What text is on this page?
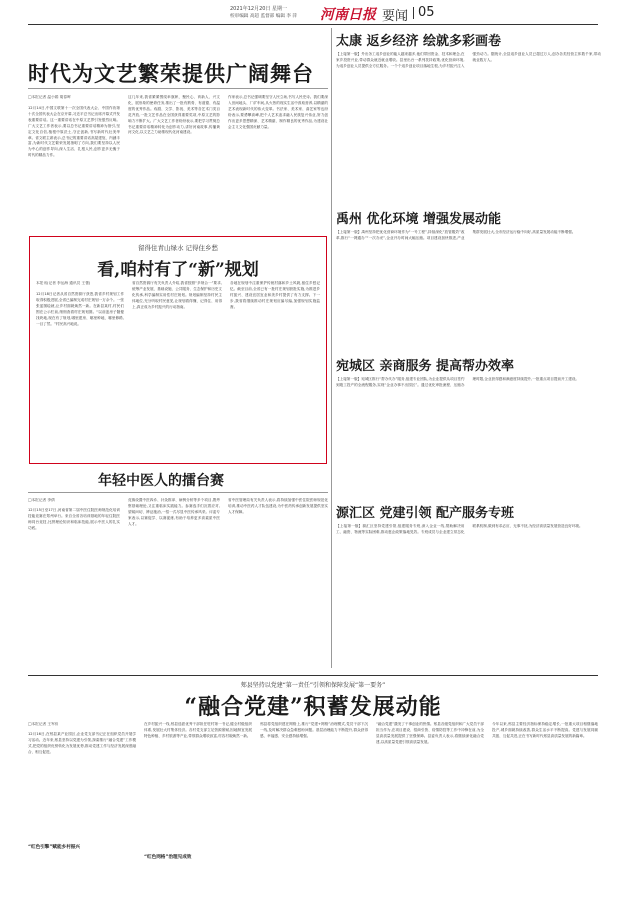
2021年12月20日 星期一
校审编辑 高超 监督部 编辑 李 萍 河南日报 要闻 05
时代为文艺繁荣提供广阔舞台
□本报记者 温小娟 胡春晖
12月14日,中国文联第十一次全国代表大会、中国作协第十次全国代表大会在京开幕,习近平总书记出席开幕式并发表重要讲话。这一重要讲话在中原文艺界引发强烈反响。广大文艺工作者表示,要以总书记重要讲话精神为指引,坚定文化自信,植根中原沃土,守正创新,书写新时代壮美华章。省文联主席表示,总书记的重要讲话高屋建瓴、内涵丰富,为新时代文艺繁荣发展指明了方向,我们要坚持以人民为中心的创作导向,深入生活、扎根人民,创作更多无愧于时代的精品力作。
这几年来,我省紧紧围绕举旗帜、聚民心、育新人、兴文化、展形象的使命任务,推出了一批有筋骨、有道德、有温度的优秀作品。戏剧、文学、影视、美术等各艺术门类百花齐放,一批文艺作品在全国获得重要奖项,中原文艺的影响力不断扩大。广大文艺工作者纷纷表示,要把学习贯彻总书记重要讲话精神转化为创作动力,讲好河南故事,传播黄河文化,以文艺之力助推现代化河南建设。
作家表示,总书记强调要坚守人民立场,书写人民史诗。我们要深入田间地头、厂矿车间,从火热的现实生活中汲取营养,以精湛的艺术表现新时代的伟大变革。书法家、美术家、曲艺家等也纷纷表示,要勇攀高峰,把个人艺术追求融入民族复兴伟业,努力创作出更多思想精深、艺术精湛、制作精良的优秀作品,为建设社会主义文化强国贡献力量。
留得住青山绿水 记得住乡愁
看,咱村有了“新”规划
本报讯(记者 李运海 通讯员 王蕾)
12月18日记者从省自然资源厅获悉,我省乡村规划工作取得积极进展,全省已编制完成村庄规划一万余个。一张张蓝图绘就,让乡村面貌焕然一新。在新县某村,村民们围在公示栏前,细细查看村庄规划图。“以前盖房子随便找块地,现在有了规划,哪里建房、哪里种地、哪里修路,一目了然。”村民高兴地说。
省自然资源厅有关负责人介绍,我省按照“多规合一”要求,统筹产业发展、基础设施、公共服务、生态保护和历史文化传承,科学编制实用性村庄规划。规划编制坚持村民主体地位,充分听取村民意见,让规划看得懂、记得住、用得上,真正成为乡村振兴的行动指南。
各地在规划中注重保护传统村落和乡土风貌,留住乡愁记忆。截至目前,全省已有一批村庄规划获批实施,为推进乡村振兴、建设宜居宜业和美乡村提供了有力支撑。下一步,我省将继续推动村庄规划应编尽编,加强规划实施监督。
年轻中医人的擂台赛
□本报记者 李倩
12月15日至17日,河南省第二届中医住院医师规范化培训技能竞赛在郑州举行。来自全省各培训基地的年轻住院医师同台竞技,比拼理论知识和临床技能,展示中医人的扎实功底。
竞赛设置中医四诊、针灸推拿、病例分析等多个项目,既考察基础理论,又注重临床实践能力。参赛选手们沉着应对,望闻问切、辨证施治,一招一式尽显中医传承风采。评委专家表示,以赛促学、以赛促练,有助于培养更多高素质中医人才。
省中医管理局有关负责人表示,将持续加强中医住院医师规范化培训,推动中医药人才队伍建设,为中医药传承创新发展提供坚实人才保障。
太康 返乡经济 绘就多彩画卷
【上接第一版】外出务工返乡创业的能人越来越多,他们带回资金、技术和理念,在家乡投资兴业,带动群众就近就业增收。县里出台一系列扶持政策,优化营商环境,为返乡创业人员提供全方位服务。一个个返乡创业项目落地生根,为乡村振兴注入强劲动力。据统计,全县返乡创业人员已超过万人,创办各类经营主体数千家,带动就业数万人。
禹州 优化环境 增强发展动能
【上接第一版】禹州坚持把优化营商环境作为“一号工程”,持续深化“放管服效”改革,推行“一网通办”“一次办妥”,企业开办时间大幅压缩。项目建设加快推进,产业集群发展壮大,全市经济运行稳中向好,高质量发展动能不断增强。
宛城区 亲商服务 提高帮办效率
【上接第一版】宛城区推行“帮办代办”服务,组建专业团队,为企业提供从项目签约到竣工投产的全流程服务,实现“企业办事不出园区”。通过优化审批流程、压缩办理时限,企业获得感和满意度持续提升,一批重点项目提前开工建设。
源汇区 党建引领 配产服务专班
【上接第一版】源汇区坚持党建引领,组建服务专班,深入企业一线,帮助解决用工、融资、物流等实际困难,推动惠企政策落地见效。专班成员与企业建立常态化联系机制,做到有求必应、无事不扰,为经济高质量发展营造良好环境。
郏县坚持以党建“第一责任”引领和保障发展“第一要务”
“融合党建”积蓄发展动能
□本报记者 王军伟
12月16日,在郏县某产业园区,企业党支部书记正在组织党员开展学习活动。近年来,郏县坚持以党建为引领,探索推行“融合党建”工作模式,把党的组织优势转化为发展优势,推动党建工作与经济发展深度融合、相互促进。
“红色引擎”赋能乡村振兴
在乡村振兴一线,郏县选派优秀干部担任驻村第一书记,健全村级组织体系,发展壮大村集体经济。各村党支部立足资源禀赋,因地制宜发展特色种植、乡村旅游等产业,带领群众增收致富,村容村貌焕然一新。
“红色网格”治理见成效
郏县将党组织建在网格上,推行“党建+网格”治理模式,党员干部下沉一线,及时解决群众急难愁盼问题。基层治理能力不断提升,群众获得感、幸福感、安全感持续增强。
“融合党建”激发了干事创业的热情。郏县各级党组织和广大党员干部担当作为,在项目建设、招商引资、疫情防控等工作中冲锋在前,为全县高质量发展提供了坚强保障。县委负责人表示,将继续深化融合党建,以高质量党建引领高质量发展。
今年以来,郏县主要经济指标保持稳定增长,一批重大项目相继落地投产,城乡面貌持续改善,群众生活水平不断提高。党建与发展同频共振、互促共进,正在书写新时代郏县高质量发展的新篇章。
